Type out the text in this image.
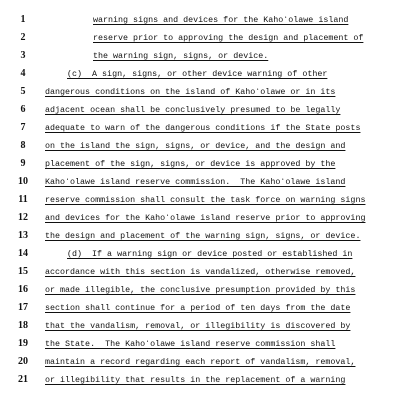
1	warning signs and devices for the Kahoʻolawe island
2	reserve prior to approving the design and placement of
3	the warning sign, signs, or device.
4	(c)  A sign, signs, or other device warning of other
5	dangerous conditions on the island of Kahoʻolawe or in its
6	adjacent ocean shall be conclusively presumed to be legally
7	adequate to warn of the dangerous conditions if the State posts
8	on the island the sign, signs, or device, and the design and
9	placement of the sign, signs, or device is approved by the
10	Kahoʻolawe island reserve commission.  The Kahoʻolawe island
11	reserve commission shall consult the task force on warning signs
12	and devices for the Kahoʻolawe island reserve prior to approving
13	the design and placement of the warning sign, signs, or device.
14	(d)  If a warning sign or device posted or established in
15	accordance with this section is vandalized, otherwise removed,
16	or made illegible, the conclusive presumption provided by this
17	section shall continue for a period of ten days from the date
18	that the vandalism, removal, or illegibility is discovered by
19	the State.  The Kahoʻolawe island reserve commission shall
20	maintain a record regarding each report of vandalism, removal,
21	or illegibility that results in the replacement of a warning
